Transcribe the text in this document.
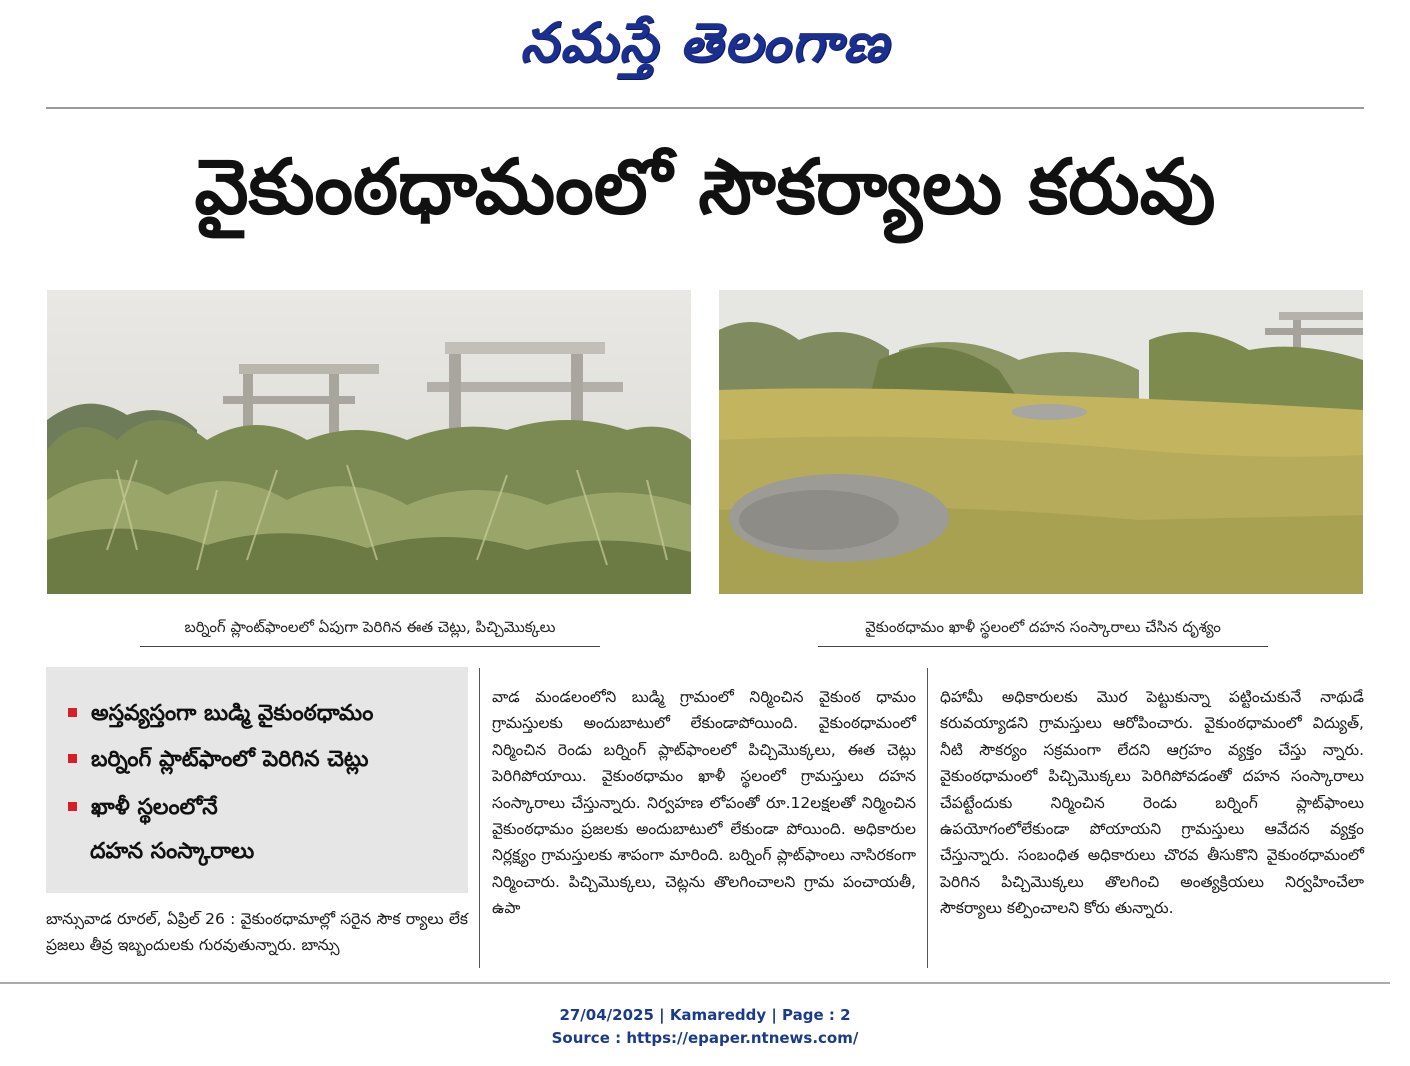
నమస్తే తెలంగాణ
వైకుంఠధామంలో సౌకర్యాలు కరువు
బర్నింగ్ ప్లాంట్‌ఫాంలలో ఏపుగా పెరిగిన ఈత చెట్లు, పిచ్చిమొక్కలు	వైకుంఠధామం ఖాళీ స్థలంలో దహన సంస్కారాలు చేసిన దృశ్యం
అస్తవ్యస్తంగా బుడ్మి వైకుంఠధామం
బర్నింగ్ ప్లాట్‌ఫాంలో పెరిగిన చెట్లు
ఖాళీ స్థలంలోనే
దహన సంస్కారాలు

బాన్సువాడ రూరల్, ఏప్రిల్ 26 : వైకుంఠధామాల్లో సరైన సౌక ర్యాలు లేక ప్రజలు తీవ్ర ఇబ్బందులకు గురవుతున్నారు. బాన్సు

వాడ మండలంలోని బుడ్మి గ్రామంలో నిర్మించిన వైకుంఠ ధామం గ్రామస్తులకు అందుబాటులో లేకుండాపోయింది. వైకుంఠధామంలో నిర్మించిన రెండు బర్నింగ్ ప్లాట్‌ఫాంలలో పిచ్చిమొక్కలు, ఈత చెట్లు పెరిగిపోయాయి. వైకుంఠధామం ఖాళీ స్థలంలో గ్రామస్తులు దహన సంస్కారాలు చేస్తున్నారు. నిర్వహణ లోపంతో రూ.12లక్షలతో నిర్మించిన వైకుంఠధామం ప్రజలకు అందుబాటులో లేకుండా పోయింది. అధికారుల నిర్లక్ష్యం గ్రామస్తులకు శాపంగా మారింది. బర్నింగ్ ప్లాట్‌ఫాంలు నాసిరకంగా నిర్మించారు. పిచ్చిమొక్కలు, చెట్లను తొలగించాలని గ్రామ పంచాయతీ, ఉపా

ధిహామీ అధికారులకు మొర పెట్టుకున్నా పట్టించుకునే నాథుడే కరువయ్యాడని గ్రామస్తులు ఆరోపించారు. వైకుంఠధామంలో విద్యుత్, నీటి సౌకర్యం సక్రమంగా లేదని ఆగ్రహం వ్యక్తం చేస్తు న్నారు. వైకుంఠధామంలో పిచ్చిమొక్కలు పెరిగిపోవడంతో దహన సంస్కారాలు చేపట్టేందుకు నిర్మించిన రెండు బర్నింగ్ ప్లాట్‌ఫాంలు ఉపయోగంలోలేకుండా పోయాయని గ్రామస్తులు ఆవేదన వ్యక్తం చేస్తున్నారు. సంబంధిత అధికారులు చొరవ తీసుకొని వైకుంఠధామంలో పెరిగిన పిచ్చిమొక్కలు తొలగించి అంత్యక్రియలు నిర్వహించేలా సౌకర్యాలు కల్పించాలని కోరు తున్నారు.

27/04/2025 | Kamareddy | Page : 2
Source : https://epaper.ntnews.com/
